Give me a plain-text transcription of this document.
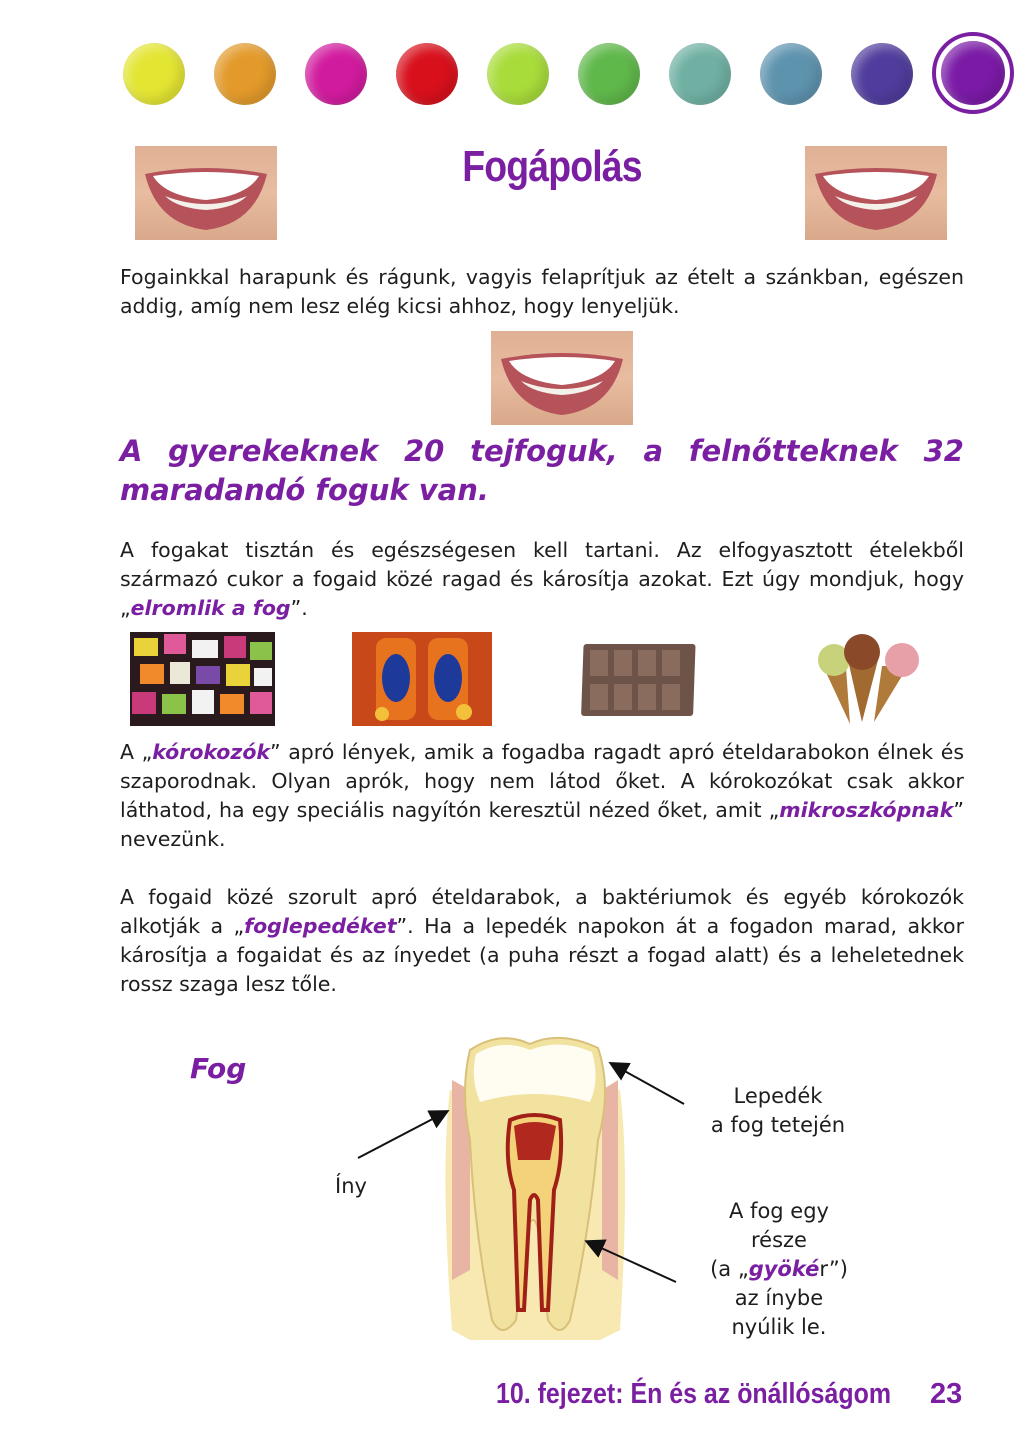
Fogápolás
Fogainkkal harapunk és rágunk, vagyis felaprítjuk az ételt a szánkban, egészen addig, amíg nem lesz elég kicsi ahhoz, hogy lenyeljük.
A gyerekeknek 20 tejfoguk, a felnőtteknek 32 maradandó foguk van.
A fogakat tisztán és egészségesen kell tartani. Az elfogyasztott ételekből származó cukor a fogaid közé ragad és károsítja azokat. Ezt úgy mondjuk, hogy „elromlik a fog”.
A „kórokozók” apró lények, amik a fogadba ragadt apró ételdarabokon élnek és szaporodnak. Olyan aprók, hogy nem látod őket. A kórokozókat csak akkor láthatod, ha egy speciális nagyítón keresztül nézed őket, amit „mikroszkópnak” nevezünk.
A fogaid közé szorult apró ételdarabok, a baktériumok és egyéb kórokozók alkotják a „foglepedéket”. Ha a lepedék napokon át a fogadon marad, akkor károsítja a fogaidat és az ínyedet (a puha részt a fogad alatt) és a leheletednek rossz szaga lesz tőle.
Fog
Íny
Lepedék
a fog tetején
A fog egy
része
(a „gyökér”)
az ínybe
nyúlik le.
10. fejezet: Én és az önállóságom 23
